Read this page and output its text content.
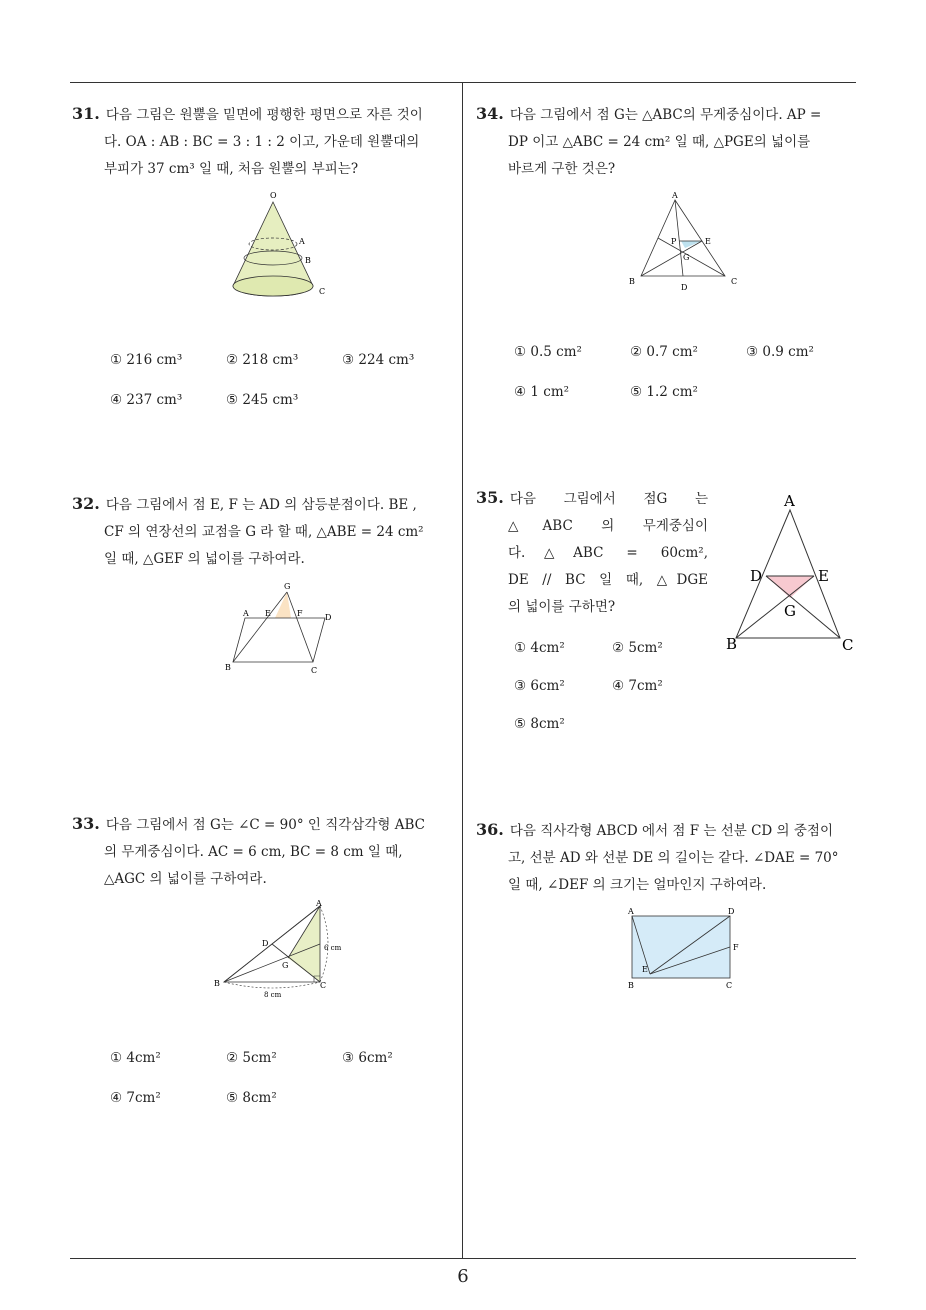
31. 다음 그림은 원뿔을 밑면에 평행한 평면으로 자른 것이
다. OA : AB : BC = 3 : 1 : 2 이고, 가운데 원뿔대의
부피가 37 cm³ 일 때, 처음 원뿔의 부피는?
O
A
B
C
① 216 cm³	② 218 cm³	③ 224 cm³
④ 237 cm³	⑤ 245 cm³
32. 다음 그림에서 점 E, F 는 AD 의 삼등분점이다. BE ,
CF 의 연장선의 교점을 G 라 할 때, △ABE = 24 cm²
일 때, △GEF 의 넓이를 구하여라.
G
A E	F	D
B	C
33. 다음 그림에서 점 G는 ∠C = 90° 인 직각삼각형 ABC
의 무게중심이다. AC = 6 cm, BC = 8 cm 일 때,
△AGC 의 넓이를 구하여라.
A
D
G
B	C
6 cm
8 cm
① 4cm²	② 5cm²	③ 6cm²
④ 7cm²	⑤ 8cm²
34. 다음 그림에서 점 G는 △ABC의 무게중심이다. AP =
DP 이고 △ABC = 24 cm² 일 때, △PGE의 넓이를
바르게 구한 것은?
A
P	E
G
B
D
C
① 0.5 cm²	② 0.7 cm²	③ 0.9 cm²
④ 1 cm²	⑤ 1.2 cm²
35. 다음 그림에서 점G 는
△ABC 의 무게중심이
다.△ABC = 60cm²,
DE // BC 일 때, △DGE
의 넓이를 구하면?
A
D	E
G
B	C
① 4cm²	② 5cm²
③ 6cm²	④ 7cm²
⑤ 8cm²
36. 다음 직사각형 ABCD 에서 점 F 는 선분 CD 의 중점이
고, 선분 AD 와 선분 DE 의 길이는 같다. ∠DAE = 70°
일 때, ∠DEF 의 크기는 얼마인지 구하여라.
A	D
F
E
B	C
6
